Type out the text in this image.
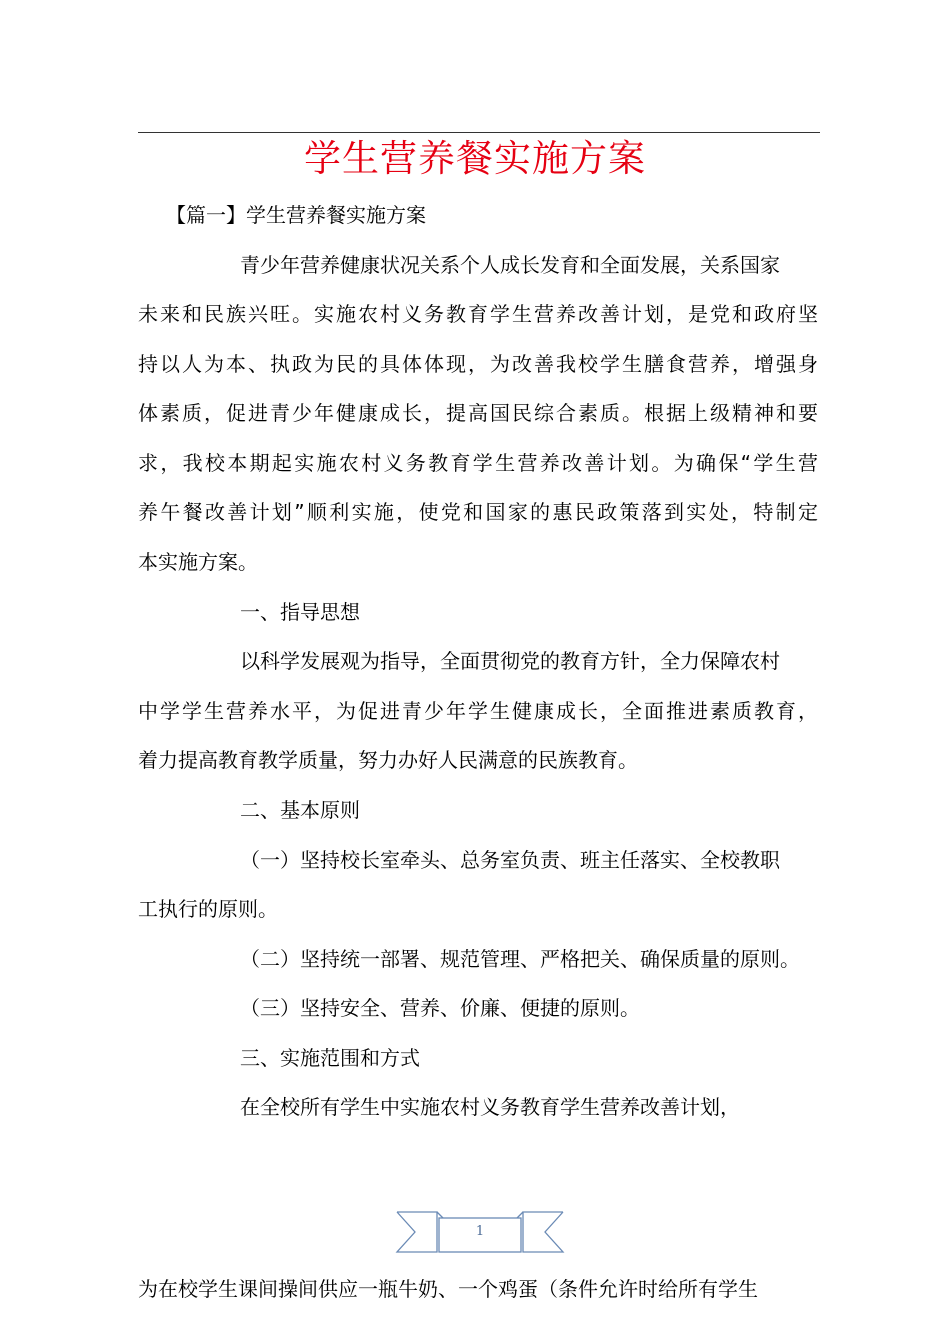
学生营养餐实施方案
【篇一】学生营养餐实施方案
青少年营养健康状况关系个人成长发育和全面发展，关系国家
未来和民族兴旺。实施农村义务教育学生营养改善计划，是党和政府坚
持以人为本、执政为民的具体体现，为改善我校学生膳食营养，增强身
体素质，促进青少年健康成长，提高国民综合素质。根据上级精神和要
求，我校本期起实施农村义务教育学生营养改善计划。为确保“学生营
养午餐改善计划”顺利实施，使党和国家的惠民政策落到实处，特制定
本实施方案。
一、指导思想
以科学发展观为指导，全面贯彻党的教育方针，全力保障农村
中学学生营养水平，为促进青少年学生健康成长，全面推进素质教育，
着力提高教育教学质量，努力办好人民满意的民族教育。
二、基本原则
（一）坚持校长室牵头、总务室负责、班主任落实、全校教职
工执行的原则。
（二）坚持统一部署、规范管理、严格把关、确保质量的原则。
（三）坚持安全、营养、价廉、便捷的原则。
三、实施范围和方式
在全校所有学生中实施农村义务教育学生营养改善计划，
1
为在校学生课间操间供应一瓶牛奶、一个鸡蛋（条件允许时给所有学生
